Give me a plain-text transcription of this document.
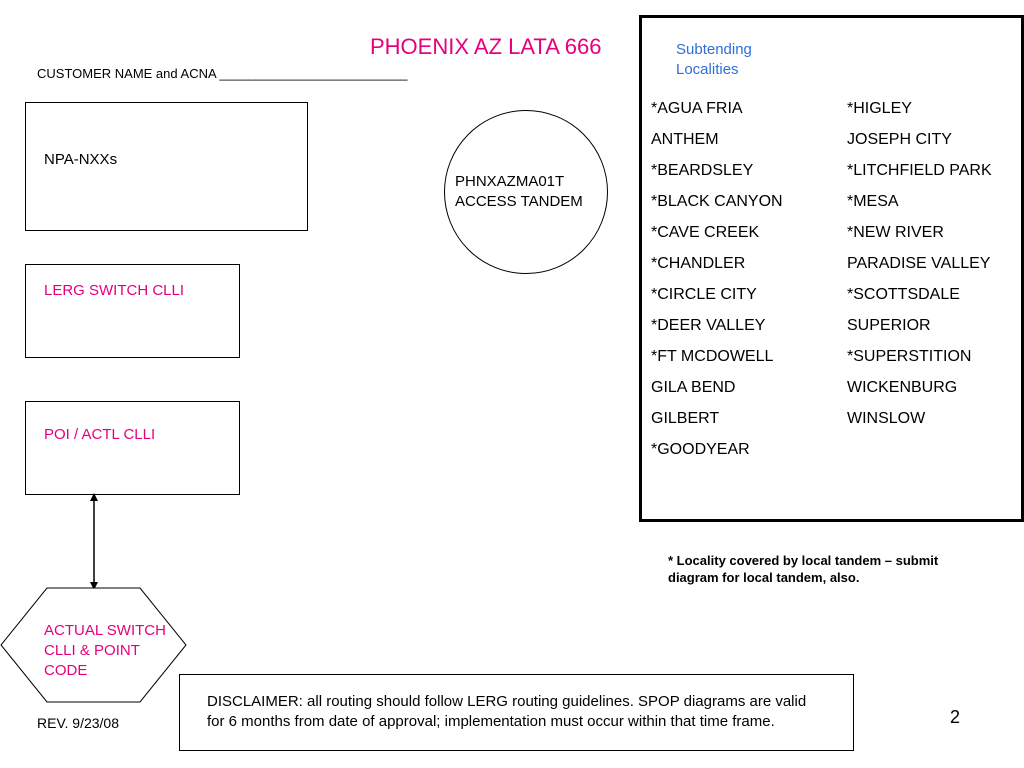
PHOENIX AZ LATA 666
CUSTOMER NAME and ACNA __________________________
NPA-NXXs
LERG SWITCH CLLI
POI / ACTL CLLI
ACTUAL SWITCH CLLI & POINT CODE
PHNXAZMA01T
ACCESS TANDEM
Subtending Localities
*AGUA FRIA
ANTHEM
*BEARDSLEY
*BLACK CANYON
*CAVE CREEK
*CHANDLER
*CIRCLE CITY
*DEER VALLEY
*FT MCDOWELL
GILA BEND
GILBERT
*GOODYEAR
*HIGLEY
JOSEPH CITY
*LITCHFIELD PARK
*MESA
*NEW RIVER
PARADISE VALLEY
*SCOTTSDALE
SUPERIOR
*SUPERSTITION
WICKENBURG
WINSLOW
* Locality covered by local tandem – submit diagram for local tandem, also.
DISCLAIMER: all routing should follow LERG routing guidelines. SPOP diagrams are valid for 6 months from date of approval; implementation must occur within that time frame.
REV. 9/23/08	2
